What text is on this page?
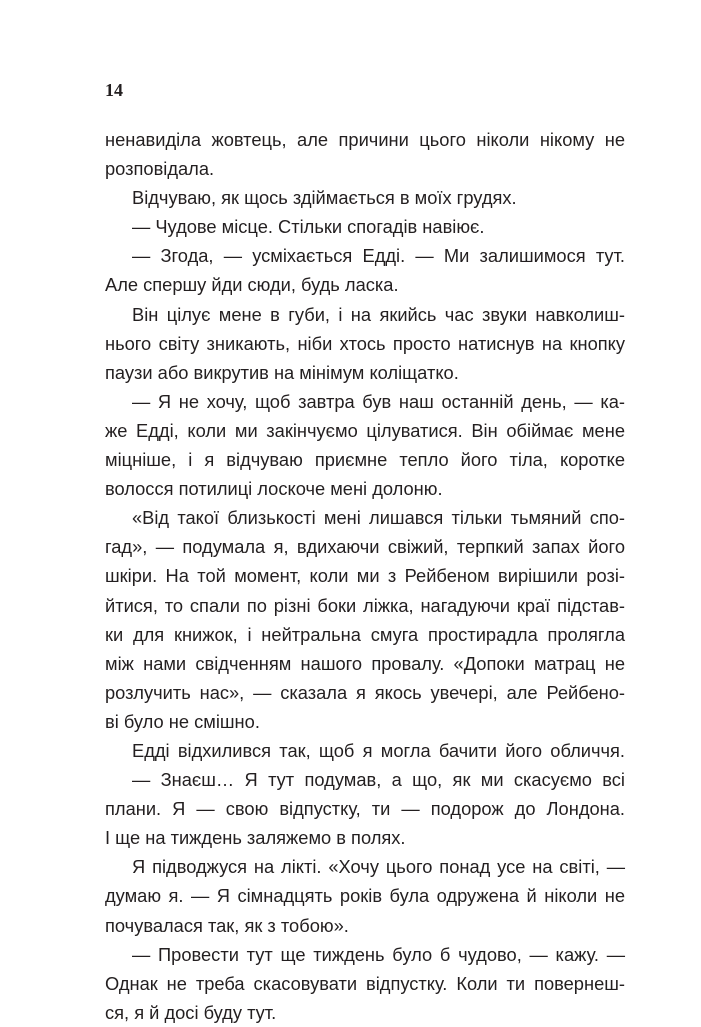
14
ненавиділа жовтець, але причини цього ніколи нікому не
розповідала.
Відчуваю, як щось здіймається в моїх грудях.
— Чудове місце. Стільки спогадів навіює.
— Згода, — усміхається Едді. — Ми залишимося тут.
Але спершу йди сюди, будь ласка.
Він цілує мене в губи, і на якийсь час звуки навколиш-
нього світу зникають, ніби хтось просто натиснув на кнопку
паузи або викрутив на мінімум коліщатко.
— Я не хочу, щоб завтра був наш останній день, — ка-
же Едді, коли ми закінчуємо цілуватися. Він обіймає мене
міцніше, і я відчуваю приємне тепло його тіла, коротке
волосся потилиці лоскоче мені долоню.
«Від такої близькості мені лишався тільки тьмяний спо-
гад», — подумала я, вдихаючи свіжий, терпкий запах його
шкіри. На той момент, коли ми з Рейбеном вирішили розі-
йтися, то спали по різні боки ліжка, нагадуючи краї підстав-
ки для книжок, і нейтральна смуга простирадла пролягла
між нами свідченням нашого провалу. «Допоки матрац не
розлучить нас», — сказала я якось увечері, але Рейбено-
ві було не смішно.
Едді відхилився так, щоб я могла бачити його обличчя.
— Знаєш… Я тут подумав, а що, як ми скасуємо всі
плани. Я — свою відпустку, ти — подорож до Лондона.
І ще на тиждень заляжемо в полях.
Я підводжуся на лікті. «Хочу цього понад усе на світі, —
думаю я. — Я сімнадцять років була одружена й ніколи не
почувалася так, як з тобою».
— Провести тут ще тиждень було б чудово, — кажу. —
Однак не треба скасовувати відпустку. Коли ти повернеш-
ся, я й досі буду тут.
